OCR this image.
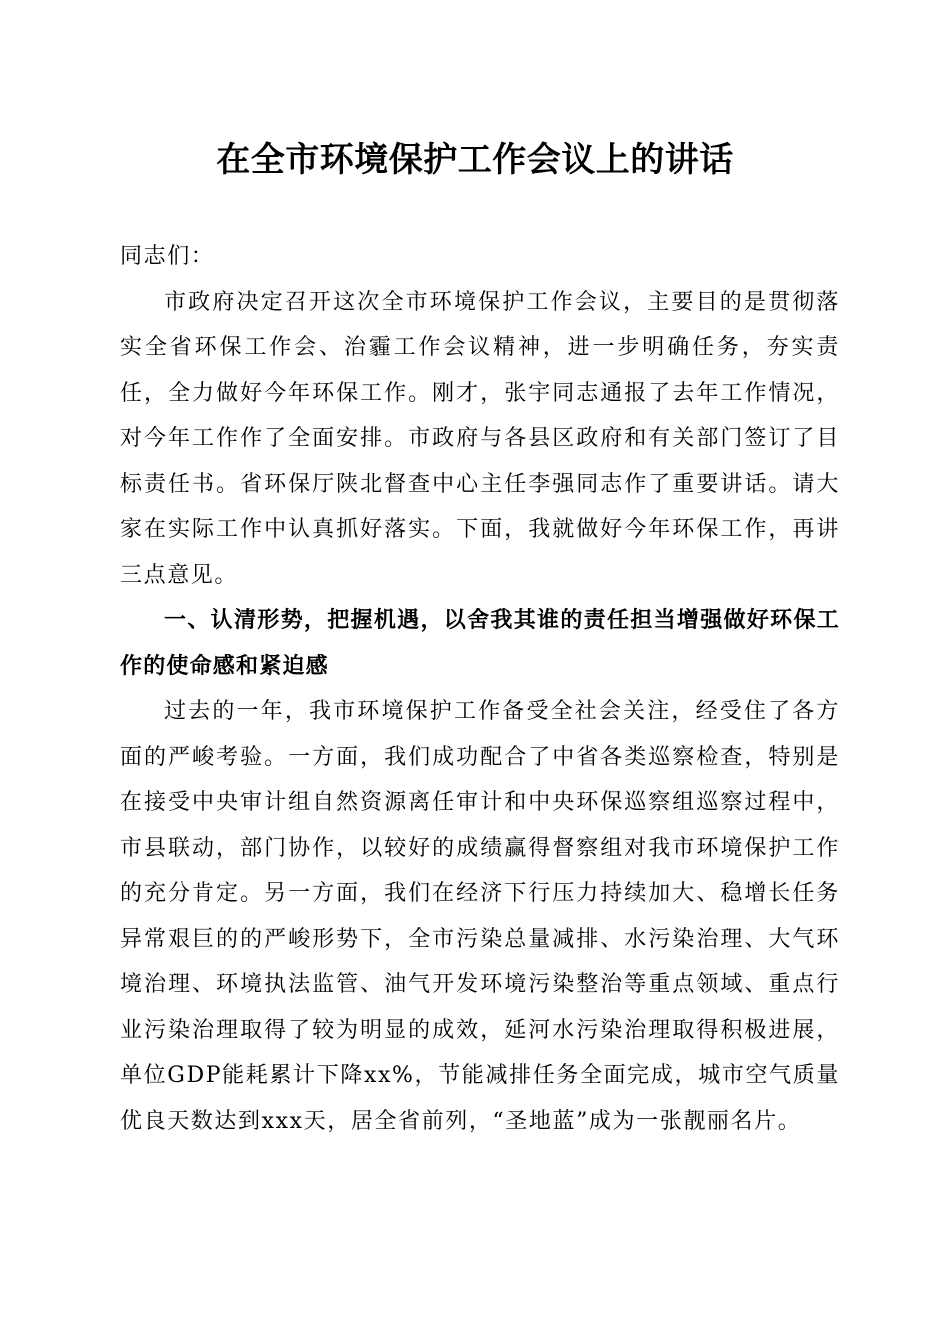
在全市环境保护工作会议上的讲话

同志们：

市政府决定召开这次全市环境保护工作会议，主要目的是贯彻落实全省环保工作会、治霾工作会议精神，进一步明确任务，夯实责任，全力做好今年环保工作。刚才，张宇同志通报了去年工作情况，对今年工作作了全面安排。市政府与各县区政府和有关部门签订了目标责任书。省环保厅陕北督查中心主任李强同志作了重要讲话。请大家在实际工作中认真抓好落实。下面，我就做好今年环保工作，再讲三点意见。

一、认清形势，把握机遇，以舍我其谁的责任担当增强做好环保工作的使命感和紧迫感

过去的一年，我市环境保护工作备受全社会关注，经受住了各方面的严峻考验。一方面，我们成功配合了中省各类巡察检查，特别是在接受中央审计组自然资源离任审计和中央环保巡察组巡察过程中，市县联动，部门协作，以较好的成绩赢得督察组对我市环境保护工作的充分肯定。另一方面，我们在经济下行压力持续加大、稳增长任务异常艰巨的的严峻形势下，全市污染总量减排、水污染治理、大气环境治理、环境执法监管、油气开发环境污染整治等重点领域、重点行业污染治理取得了较为明显的成效，延河水污染治理取得积极进展，单位GDP能耗累计下降xx%，节能减排任务全面完成，城市空气质量优良天数达到xxx天，居全省前列，“圣地蓝”成为一张靓丽名片。
